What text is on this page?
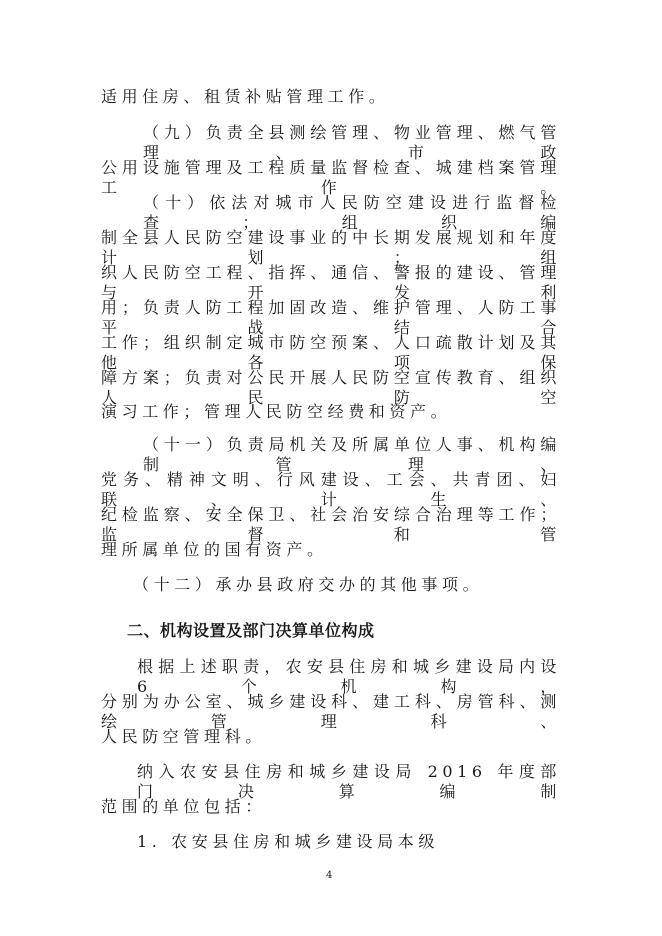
适用住房、租赁补贴管理工作。
（九）负责全县测绘管理、物业管理、燃气管理、市政
公用设施管理及工程质量监督检查、城建档案管理工作。
（十）依法对城市人民防空建设进行监督检查；组织编
制全县人民防空建设事业的中长期发展规划和年度计划；组
织人民防空工程、指挥、通信、警报的建设、管理与开发利
用；负责人防工程加固改造、维护管理、人防工事平战结合
工作；组织制定城市防空预案、人口疏散计划及其他各项保
障方案；负责对公民开展人民防空宣传教育、组织人民防空
演习工作；管理人民防空经费和资产。
（十一）负责局机关及所属单位人事、机构编制管理、
党务、精神文明、行风建设、工会、共青团、妇联、计生、
纪检监察、安全保卫、社会治安综合治理等工作；监督和管
理所属单位的国有资产。
（十二）承办县政府交办的其他事项。
二、机构设置及部门决算单位构成
根据上述职责，农安县住房和城乡建设局内设 6 个机构，
分别为办公室、城乡建设科、建工科、房管科、测绘管理科、
人民防空管理科。
纳入农安县住房和城乡建设局 2016 年度部门决算编制
范围的单位包括：
1. 农安县住房和城乡建设局本级
4
